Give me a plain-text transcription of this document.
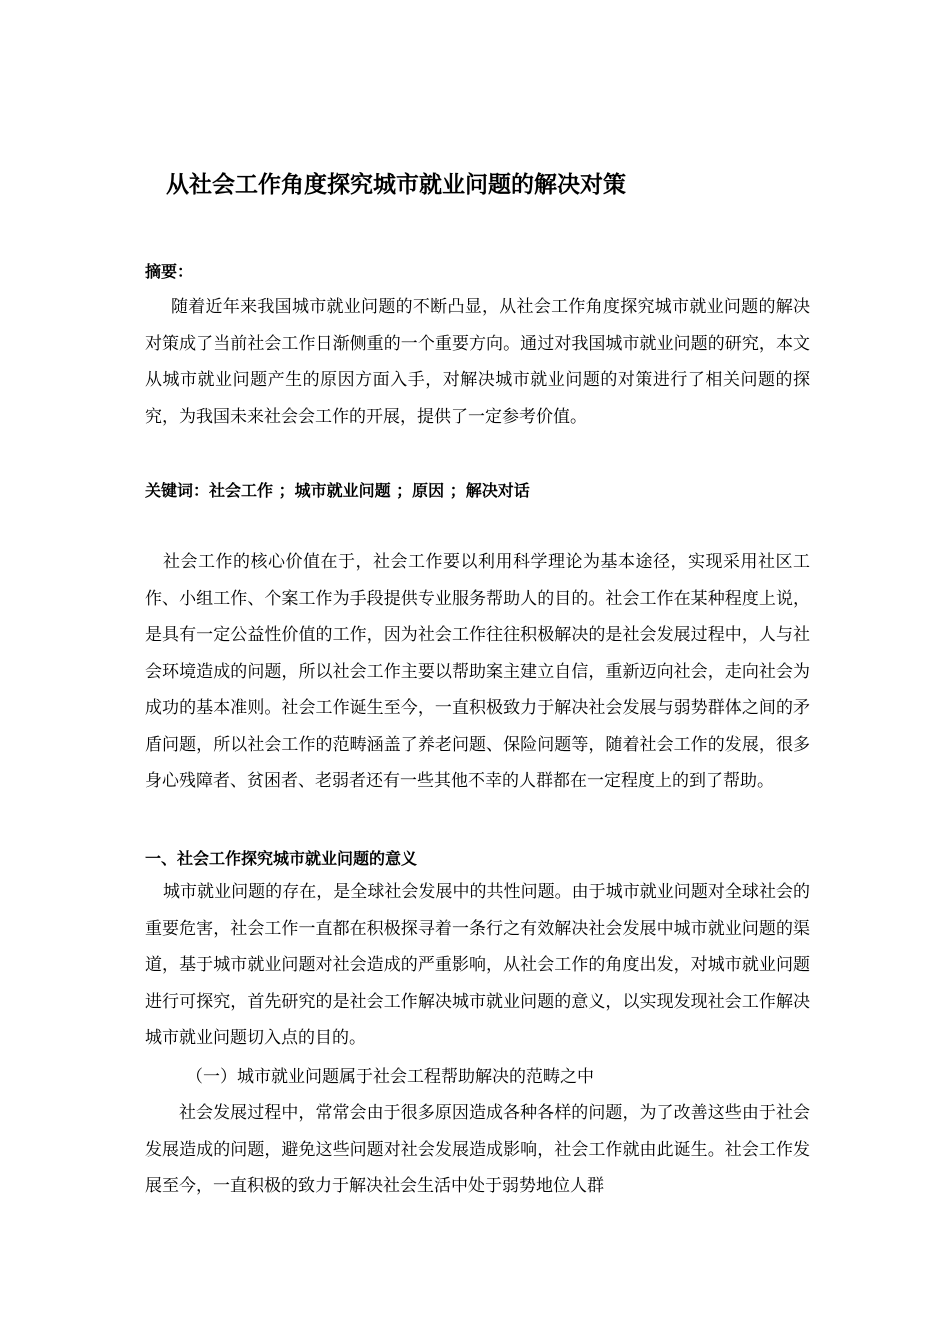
从社会工作角度探究城市就业问题的解决对策
摘要：

随着近年来我国城市就业问题的不断凸显，从社会工作角度探究城市就业问题的解决对策成了当前社会工作日渐侧重的一个重要方向。通过对我国城市就业问题的研究，本文从城市就业问题产生的原因方面入手，对解决城市就业问题的对策进行了相关问题的探究，为我国未来社会会工作的开展，提供了一定参考价值。

关键词：社会工作 ；城市就业问题 ；原因 ；解决对话

社会工作的核心价值在于，社会工作要以利用科学理论为基本途径，实现采用社区工作、小组工作、个案工作为手段提供专业服务帮助人的目的。社会工作在某种程度上说，是具有一定公益性价值的工作，因为社会工作往往积极解决的是社会发展过程中，人与社会环境造成的问题，所以社会工作主要以帮助案主建立自信，重新迈向社会，走向社会为成功的基本准则。社会工作诞生至今，一直积极致力于解决社会发展与弱势群体之间的矛盾问题，所以社会工作的范畴涵盖了养老问题、保险问题等，随着社会工作的发展，很多身心残障者、贫困者、老弱者还有一些其他不幸的人群都在一定程度上的到了帮助。

一、社会工作探究城市就业问题的意义

城市就业问题的存在，是全球社会发展中的共性问题。由于城市就业问题对全球社会的重要危害，社会工作一直都在积极探寻着一条行之有效解决社会发展中城市就业问题的渠道，基于城市就业问题对社会造成的严重影响，从社会工作的角度出发，对城市就业问题进行可探究，首先研究的是社会工作解决城市就业问题的意义，以实现发现社会工作解决城市就业问题切入点的目的。

（一）城市就业问题属于社会工程帮助解决的范畴之中

社会发展过程中，常常会由于很多原因造成各种各样的问题，为了改善这些由于社会发展造成的问题，避免这些问题对社会发展造成影响，社会工作就由此诞生。社会工作发展至今，一直积极的致力于解决社会生活中处于弱势地位人群
